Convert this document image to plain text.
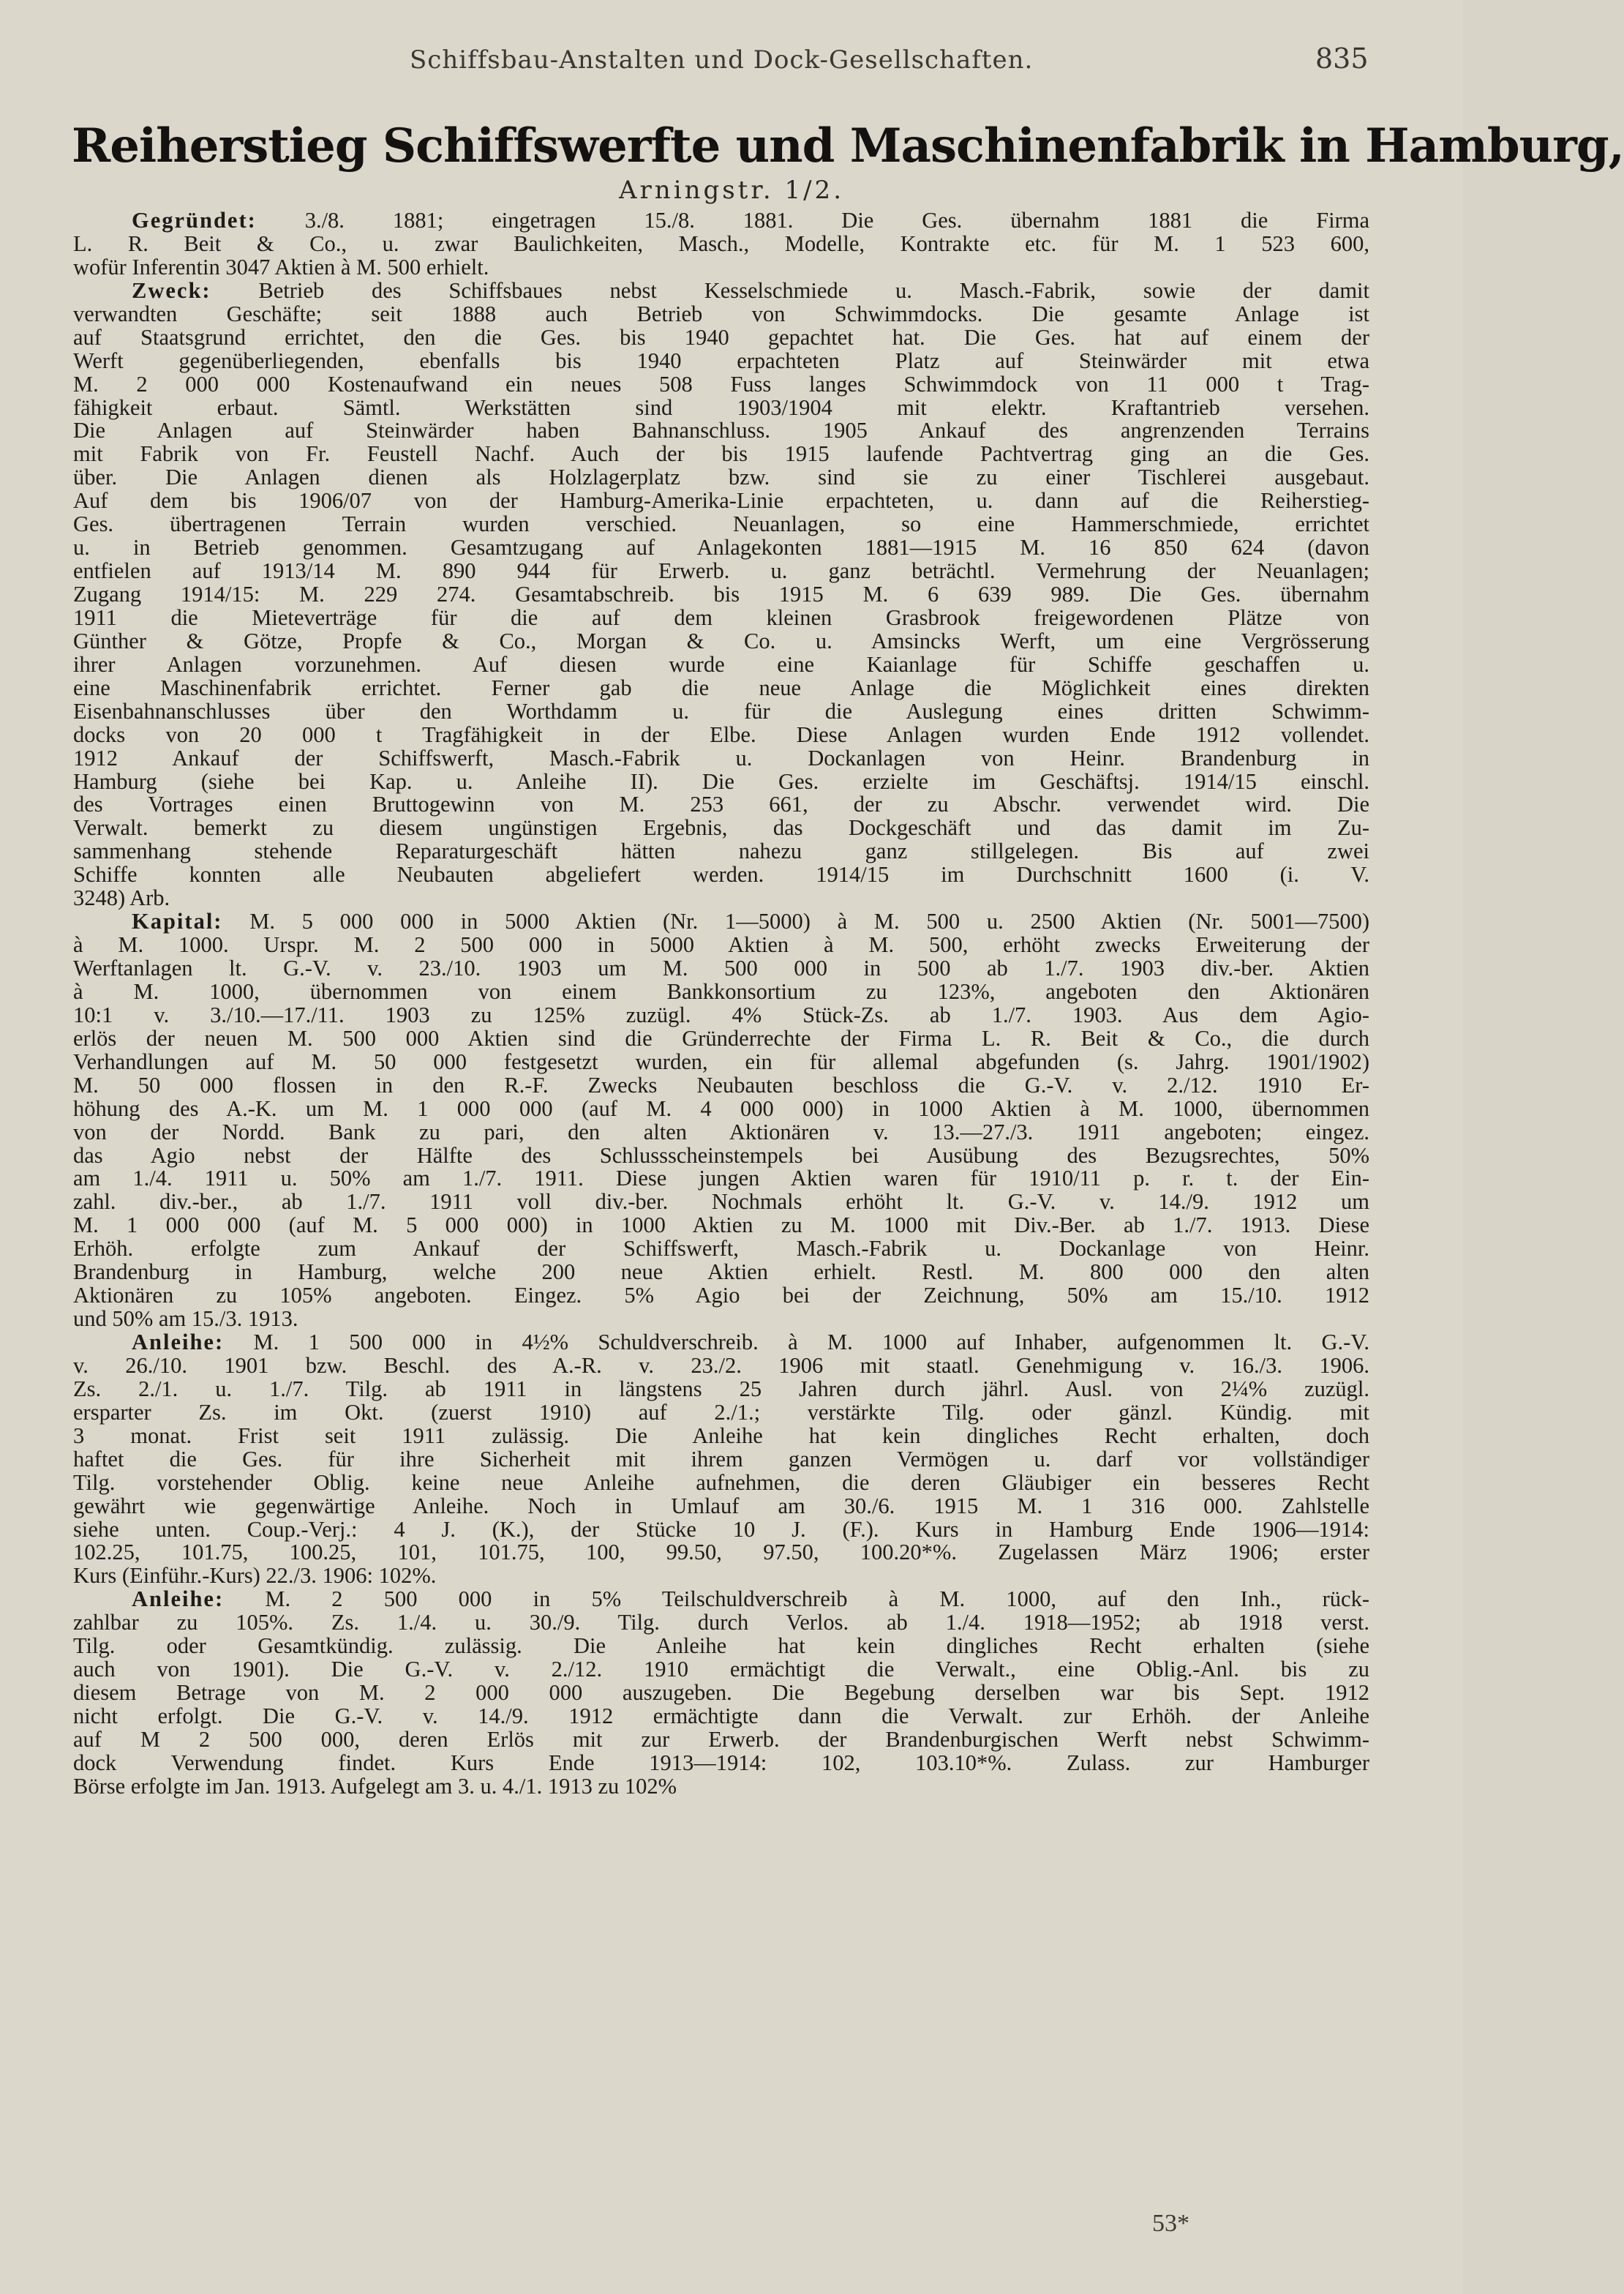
Schiffsbau-Anstalten und Dock-Gesellschaften.	835
Reiherstieg Schiffswerfte und Maschinenfabrik in Hamburg,
Arningstr. 1/2.
Gegründet: 3./8. 1881; eingetragen 15./8. 1881. Die Ges. übernahm 1881 die Firma
L. R. Beit & Co., u. zwar Baulichkeiten, Masch., Modelle, Kontrakte etc. für M. 1 523 600,
wofür Inferentin 3047 Aktien à M. 500 erhielt.
Zweck: Betrieb des Schiffsbaues nebst Kesselschmiede u. Masch.-Fabrik, sowie der damit
verwandten Geschäfte; seit 1888 auch Betrieb von Schwimmdocks. Die gesamte Anlage ist
auf Staatsgrund errichtet, den die Ges. bis 1940 gepachtet hat. Die Ges. hat auf einem der
Werft gegenüberliegenden, ebenfalls bis 1940 erpachteten Platz auf Steinwärder mit etwa
M. 2 000 000 Kostenaufwand ein neues 508 Fuss langes Schwimmdock von 11 000 t Trag-
fähigkeit erbaut. Sämtl. Werkstätten sind 1903/1904 mit elektr. Kraftantrieb versehen.
Die Anlagen auf Steinwärder haben Bahnanschluss. 1905 Ankauf des angrenzenden Terrains
mit Fabrik von Fr. Feustell Nachf. Auch der bis 1915 laufende Pachtvertrag ging an die Ges.
über. Die Anlagen dienen als Holzlagerplatz bzw. sind sie zu einer Tischlerei ausgebaut.
Auf dem bis 1906/07 von der Hamburg-Amerika-Linie erpachteten, u. dann auf die Reiherstieg-
Ges. übertragenen Terrain wurden verschied. Neuanlagen, so eine Hammerschmiede, errichtet
u. in Betrieb genommen. Gesamtzugang auf Anlagekonten 1881—1915 M. 16 850 624 (davon
entfielen auf 1913/14 M. 890 944 für Erwerb. u. ganz beträchtl. Vermehrung der Neuanlagen;
Zugang 1914/15: M. 229 274. Gesamtabschreib. bis 1915 M. 6 639 989. Die Ges. übernahm
1911 die Mieteverträge für die auf dem kleinen Grasbrook freigewordenen Plätze von
Günther & Götze, Propfe & Co., Morgan & Co. u. Amsincks Werft, um eine Vergrösserung
ihrer Anlagen vorzunehmen. Auf diesen wurde eine Kaianlage für Schiffe geschaffen u.
eine Maschinenfabrik errichtet. Ferner gab die neue Anlage die Möglichkeit eines direkten
Eisenbahnanschlusses über den Worthdamm u. für die Auslegung eines dritten Schwimm-
docks von 20 000 t Tragfähigkeit in der Elbe. Diese Anlagen wurden Ende 1912 vollendet.
1912 Ankauf der Schiffswerft, Masch.-Fabrik u. Dockanlagen von Heinr. Brandenburg in
Hamburg (siehe bei Kap. u. Anleihe II). Die Ges. erzielte im Geschäftsj. 1914/15 einschl.
des Vortrages einen Bruttogewinn von M. 253 661, der zu Abschr. verwendet wird. Die
Verwalt. bemerkt zu diesem ungünstigen Ergebnis, das Dockgeschäft und das damit im Zu-
sammenhang stehende Reparaturgeschäft hätten nahezu ganz stillgelegen. Bis auf zwei
Schiffe konnten alle Neubauten abgeliefert werden. 1914/15 im Durchschnitt 1600 (i. V.
3248) Arb.
Kapital: M. 5 000 000 in 5000 Aktien (Nr. 1—5000) à M. 500 u. 2500 Aktien (Nr. 5001—7500)
à M. 1000. Urspr. M. 2 500 000 in 5000 Aktien à M. 500, erhöht zwecks Erweiterung der
Werftanlagen lt. G.-V. v. 23./10. 1903 um M. 500 000 in 500 ab 1./7. 1903 div.-ber. Aktien
à M. 1000, übernommen von einem Bankkonsortium zu 123%, angeboten den Aktionären
10:1 v. 3./10.—17./11. 1903 zu 125% zuzügl. 4% Stück-Zs. ab 1./7. 1903. Aus dem Agio-
erlös der neuen M. 500 000 Aktien sind die Gründerrechte der Firma L. R. Beit & Co., die durch
Verhandlungen auf M. 50 000 festgesetzt wurden, ein für allemal abgefunden (s. Jahrg. 1901/1902)
M. 50 000 flossen in den R.-F. Zwecks Neubauten beschloss die G.-V. v. 2./12. 1910 Er-
höhung des A.-K. um M. 1 000 000 (auf M. 4 000 000) in 1000 Aktien à M. 1000, übernommen
von der Nordd. Bank zu pari, den alten Aktionären v. 13.—27./3. 1911 angeboten; eingez.
das Agio nebst der Hälfte des Schlussscheinstempels bei Ausübung des Bezugsrechtes, 50%
am 1./4. 1911 u. 50% am 1./7. 1911. Diese jungen Aktien waren für 1910/11 p. r. t. der Ein-
zahl. div.-ber., ab 1./7. 1911 voll div.-ber. Nochmals erhöht lt. G.-V. v. 14./9. 1912 um
M. 1 000 000 (auf M. 5 000 000) in 1000 Aktien zu M. 1000 mit Div.-Ber. ab 1./7. 1913. Diese
Erhöh. erfolgte zum Ankauf der Schiffswerft, Masch.-Fabrik u. Dockanlage von Heinr.
Brandenburg in Hamburg, welche 200 neue Aktien erhielt. Restl. M. 800 000 den alten
Aktionären zu 105% angeboten. Eingez. 5% Agio bei der Zeichnung, 50% am 15./10. 1912
und 50% am 15./3. 1913.
Anleihe: M. 1 500 000 in 4½% Schuldverschreib. à M. 1000 auf Inhaber, aufgenommen lt. G.-V.
v. 26./10. 1901 bzw. Beschl. des A.-R. v. 23./2. 1906 mit staatl. Genehmigung v. 16./3. 1906.
Zs. 2./1. u. 1./7. Tilg. ab 1911 in längstens 25 Jahren durch jährl. Ausl. von 2¼% zuzügl.
ersparter Zs. im Okt. (zuerst 1910) auf 2./1.; verstärkte Tilg. oder gänzl. Kündig. mit
3 monat. Frist seit 1911 zulässig. Die Anleihe hat kein dingliches Recht erhalten, doch
haftet die Ges. für ihre Sicherheit mit ihrem ganzen Vermögen u. darf vor vollständiger
Tilg. vorstehender Oblig. keine neue Anleihe aufnehmen, die deren Gläubiger ein besseres Recht
gewährt wie gegenwärtige Anleihe. Noch in Umlauf am 30./6. 1915 M. 1 316 000. Zahlstelle
siehe unten. Coup.-Verj.: 4 J. (K.), der Stücke 10 J. (F.). Kurs in Hamburg Ende 1906—1914:
102.25, 101.75, 100.25, 101, 101.75, 100, 99.50, 97.50, 100.20*%. Zugelassen März 1906; erster
Kurs (Einführ.-Kurs) 22./3. 1906: 102%.
Anleihe: M. 2 500 000 in 5% Teilschuldverschreib à M. 1000, auf den Inh., rück-
zahlbar zu 105%. Zs. 1./4. u. 30./9. Tilg. durch Verlos. ab 1./4. 1918—1952; ab 1918 verst.
Tilg. oder Gesamtkündig. zulässig. Die Anleihe hat kein dingliches Recht erhalten (siehe
auch von 1901). Die G.-V. v. 2./12. 1910 ermächtigt die Verwalt., eine Oblig.-Anl. bis zu
diesem Betrage von M. 2 000 000 auszugeben. Die Begebung derselben war bis Sept. 1912
nicht erfolgt. Die G.-V. v. 14./9. 1912 ermächtigte dann die Verwalt. zur Erhöh. der Anleihe
auf M 2 500 000, deren Erlös mit zur Erwerb. der Brandenburgischen Werft nebst Schwimm-
dock Verwendung findet. Kurs Ende 1913—1914: 102, 103.10*%. Zulass. zur Hamburger
Börse erfolgte im Jan. 1913. Aufgelegt am 3. u. 4./1. 1913 zu 102%
53*
